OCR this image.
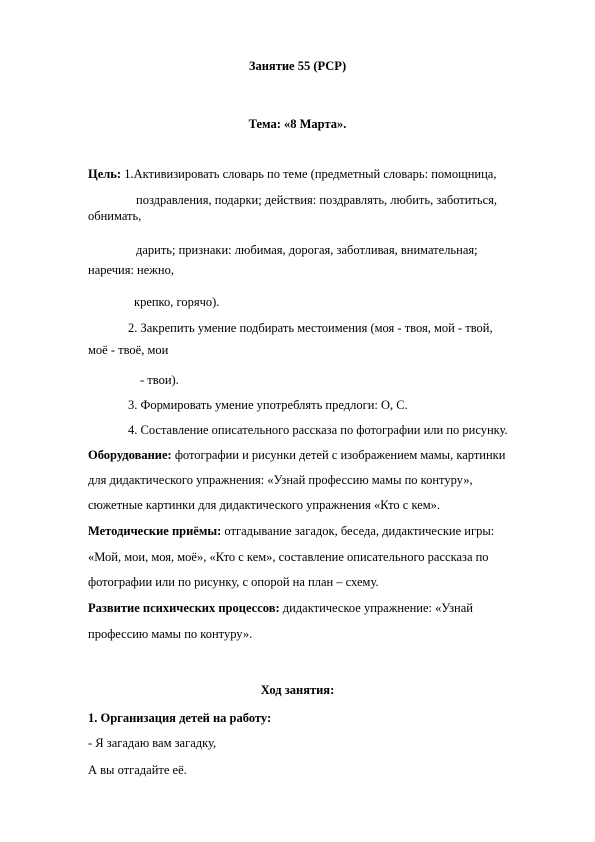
Занятие 55 (РСР)
Тема: «8 Марта».
Цель: 1.Активизировать словарь по теме (предметный словарь: помощница,
поздравления, подарки; действия: поздравлять, любить, заботиться,
обнимать,
дарить; признаки: любимая, дорогая, заботливая, внимательная;
наречия: нежно,
крепко, горячо).
2. Закрепить умение подбирать местоимения (моя - твоя, мой - твой,
моё - твоё, мои
- твои).
3. Формировать умение употреблять предлоги: О, С.
4. Составление описательного рассказа по фотографии или по рисунку.
Оборудование: фотографии и рисунки детей с изображением мамы, картинки
для дидактического упражнения: «Узнай профессию мамы по контуру»,
сюжетные картинки для дидактического упражнения «Кто с кем».
Методические приёмы: отгадывание загадок, беседа, дидактические игры:
«Мой, мои, моя, моё», «Кто с кем», составление описательного рассказа по
фотографии или по рисунку, с опорой на план – схему.
Развитие психических процессов: дидактическое упражнение: «Узнай
профессию мамы по контуру».
Ход занятия:
1. Организация детей на работу:
- Я загадаю вам загадку,
А вы отгадайте её.
